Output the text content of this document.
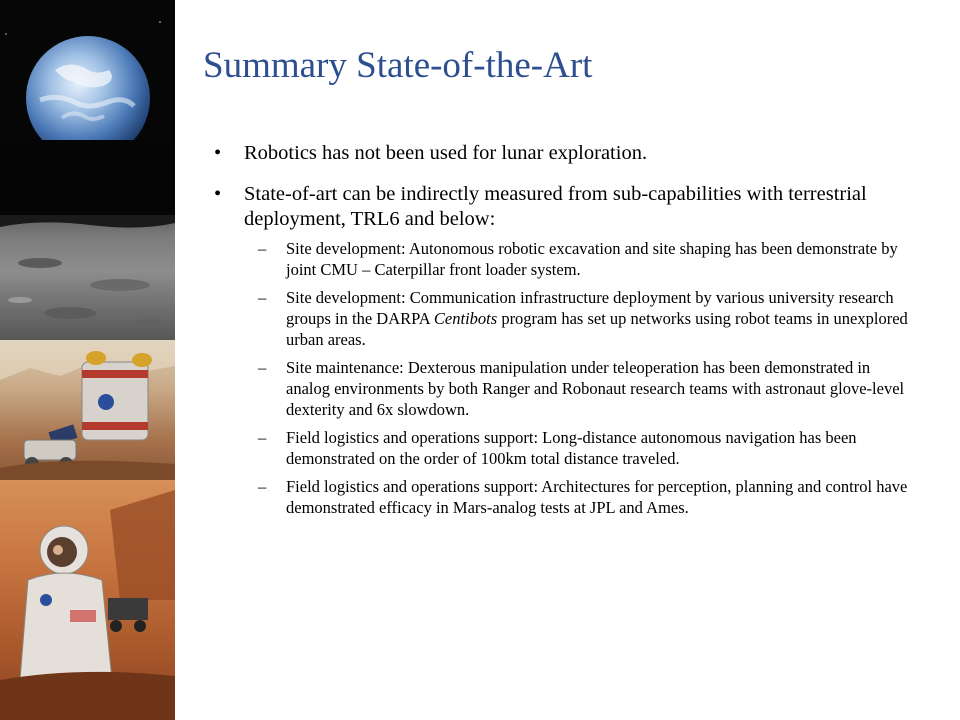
Summary State-of-the-Art
• Robotics has not been used for lunar exploration.
• State-of-art can be indirectly measured from sub-capabilities with terrestrial deployment, TRL6 and below:
– Site development: Autonomous robotic excavation and site shaping has been demonstrate by joint CMU – Caterpillar front loader system.
– Site development: Communication infrastructure deployment by various university research groups in the DARPA Centibots program has set up networks using robot teams in unexplored urban areas.
– Site maintenance: Dexterous manipulation under teleoperation has been demonstrated in analog environments by both Ranger and Robonaut research teams with astronaut glove-level dexterity and 6x slowdown.
– Field logistics and operations support: Long-distance autonomous navigation has been demonstrated on the order of 100km total distance traveled.
– Field logistics and operations support: Architectures for perception, planning and control have demonstrated efficacy in Mars-analog tests at JPL and Ames.
